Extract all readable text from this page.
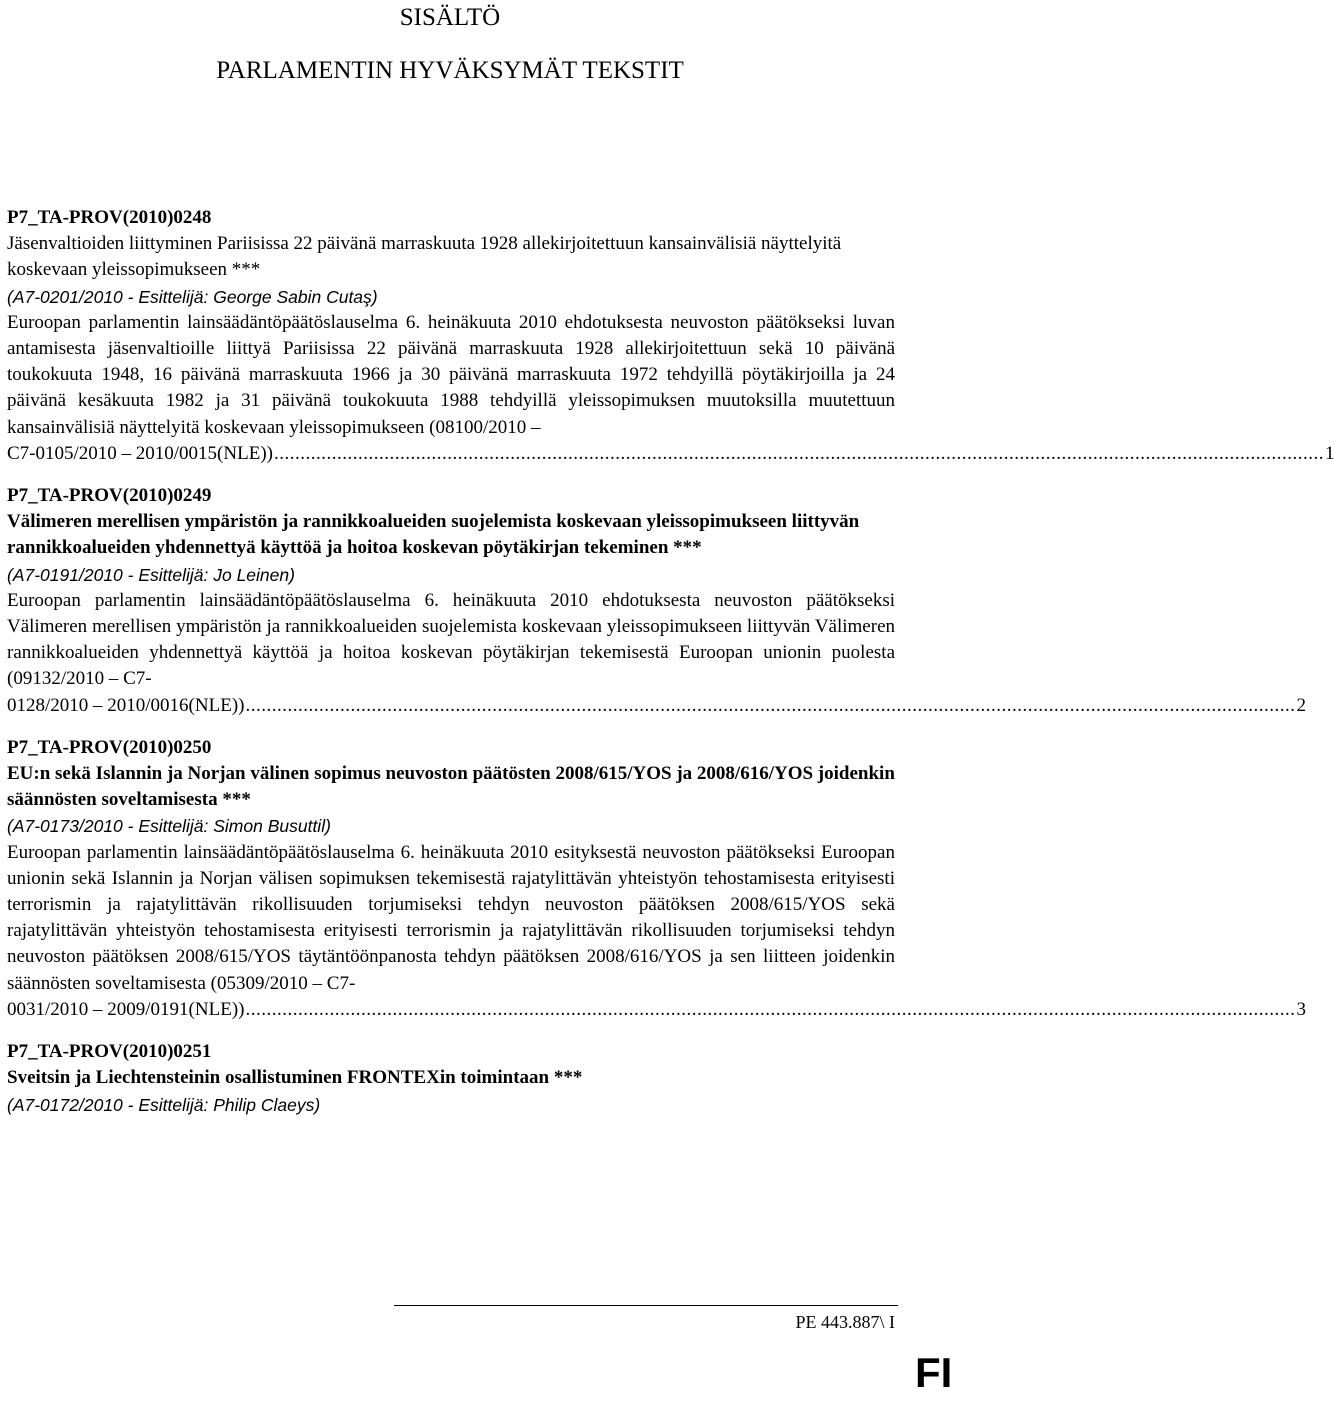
SISÄLTÖ
PARLAMENTIN HYVÄKSYMÄT TEKSTIT
P7_TA-PROV(2010)0248
Jäsenvaltioiden liittyminen Pariisissa 22 päivänä marraskuuta 1928 allekirjoitettuun kansainvälisiä näyttelyitä koskevaan yleissopimukseen ***
(A7-0201/2010 - Esittelijä: George Sabin Cutaş)
Euroopan parlamentin lainsäädäntöpäätöslauselma 6. heinäkuuta 2010 ehdotuksesta neuvoston päätökseksi luvan antamisesta jäsenvaltioille liittyä Pariisissa 22 päivänä marraskuuta 1928 allekirjoitettuun sekä 10 päivänä toukokuuta 1948, 16 päivänä marraskuuta 1966 ja 30 päivänä marraskuuta 1972 tehdyillä pöytäkirjoilla ja 24 päivänä kesäkuuta 1982 ja 31 päivänä toukokuuta 1988 tehdyillä yleissopimuksen muutoksilla muutettuun kansainvälisiä näyttelyitä koskevaan yleissopimukseen (08100/2010 –
C7-0105/2010 – 2010/0015(NLE)) ........................................................................................................................................................................................................ 1
P7_TA-PROV(2010)0249
Välimeren merellisen ympäristön ja rannikkoalueiden suojelemista koskevaan yleissopimukseen liittyvän rannikkoalueiden yhdennettyä käyttöä ja hoitoa koskevan pöytäkirjan tekeminen ***
(A7-0191/2010 - Esittelijä: Jo Leinen)
Euroopan parlamentin lainsäädäntöpäätöslauselma 6. heinäkuuta 2010 ehdotuksesta neuvoston päätökseksi Välimeren merellisen ympäristön ja rannikkoalueiden suojelemista koskevaan yleissopimukseen liittyvän Välimeren rannikkoalueiden yhdennettyä käyttöä ja hoitoa koskevan pöytäkirjan tekemisestä Euroopan unionin puolesta (09132/2010 – C7-
0128/2010 – 2010/0016(NLE)) ........................................................................................................................................................................................................ 2
P7_TA-PROV(2010)0250
EU:n sekä Islannin ja Norjan välinen sopimus neuvoston päätösten 2008/615/YOS ja 2008/616/YOS joidenkin säännösten soveltamisesta ***
(A7-0173/2010 - Esittelijä: Simon Busuttil)
Euroopan parlamentin lainsäädäntöpäätöslauselma 6. heinäkuuta 2010 esityksestä neuvoston päätökseksi Euroopan unionin sekä Islannin ja Norjan välisen sopimuksen tekemisestä rajatylittävän yhteistyön tehostamisesta erityisesti terrorismin ja rajatylittävän rikollisuuden torjumiseksi tehdyn neuvoston päätöksen 2008/615/YOS sekä rajatylittävän yhteistyön tehostamisesta erityisesti terrorismin ja rajatylittävän rikollisuuden torjumiseksi tehdyn neuvoston päätöksen 2008/615/YOS täytäntöönpanosta tehdyn päätöksen 2008/616/YOS ja sen liitteen joidenkin säännösten soveltamisesta (05309/2010 – C7-
0031/2010 – 2009/0191(NLE)) ........................................................................................................................................................................................................ 3
P7_TA-PROV(2010)0251
Sveitsin ja Liechtensteinin osallistuminen FRONTEXin toimintaan ***
(A7-0172/2010 - Esittelijä: Philip Claeys)
PE 443.887\ I
FI
